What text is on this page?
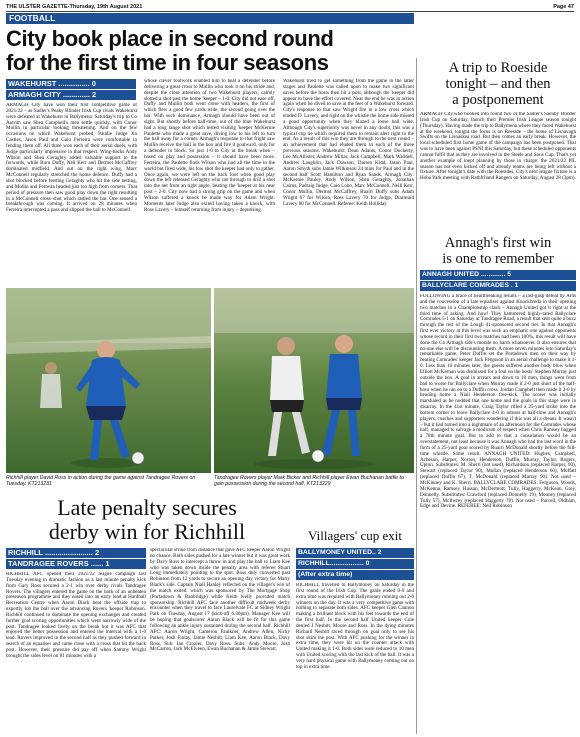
THE ULSTER GAZETTE-Thursday, 19th August 2021	Page 47
FOOTBALL
City book place in second round
for the first time in four seasons
WAKEHURST ............... 0
ARMAGH CITY ............. 2

ARMAGH City have won their first competitive game of 2021/22 – as Sadler's Peaky Blinder Irish Cup rivals Wakehurst were defeated at Wakehurst in Ballymena. Saturday's trip to Co Antrim saw Shea Campbell's men settle quickly, with Conor Mullin in particular looking threatening. And on the few occasions on which Wakehurst probed, Paudie Judge Jin Castles, Jason Paul and Gaio Ferreira were comfortable in fending them off. All three won each of their aerial duels, with Judge particularly impressive in that respect. Wing-backs Andy Wilson and Shea Geraghty added valuable support to the forwards, while Ruru Duffy, Neil Kerr and Dermot McCaffrey dominated midfield. And out on the right wing, Marc McConnell regularly stretched the home defence. Duffy had a shot blocked before feeding Geraghty who hit the side netting, and Mullin and Ferreira headed just too high from corners. That period of pressure then saw good play down the right resulting in a McConnell cross–shot which rattled the bar. One sensed a breakthrough was coming. It arrived on 28 minutes when Ferreira intercepted a pass and slipped the ball to McConnell

whose clever footwork enabled him to beat a defender before delivering a great cross to Mullin who took it on his stride and, despite the close attention of two Wakehurst players, calmly slotted a shot past the home 'keeper – 1-0. City did not ease off, Duffy and Mullin both went close with headers, the first of which flew a good few yards wide, the second going over the bar. With such dominance, Armagh should have been out of sight. But shortly before half-time, out of the blue Wakehurst had a long range shot which tested visiting 'keeper McKernie Paulette who made a great save, diving low to his left to turn the ball away for a corner. Armagh's response to that fright saw Mullin receive the ball in the box and fire it goalward, only for a defender to block. So just 1-0 to City at the break when – based on play and possession – it should have been more. Ferreira, the Paulette finds Wilson who had all the time in the world but fired wide, his low shot the keeper had only to gather. Once again, we were left on the back foot when good play down the left released Geraghty who ran through to drill a shot into the net from an tight angle, beating the 'keeper at his near post – 2-0. City now had a strong grip on the game and when Wilson suffered a knock he made way for Adam Wright. Moments later Judge also exited having taken a knock, with Ross Lavery – himself returning from injury – deputising.

Wakehurst tried to get something from the game in the latter stages and Paulette was called upon to make two significant saves before the hosts then hit a post, although the 'keeper did appear to have the effort covered. Near the end he was in action again when he dived to save at the feet of a Wakehurst forward. City's response to that saw Wright fire in a low cross which eluded D. Lavery, and right on the whistle the home side missed a good opportunity when they blazed a loose ball wide. Although City's superiority was never in any doubt, this was a typical cup tie which required them to remain alert right to the end. As a result of this win they are through to the next round – an achievement that had eluded them in each of the three previous seasons. Wakehurst: Dean Adams, Conor Dockerty, Lee McAllister, Andrew Millar, Jack Campbell, Mark Waddell, Andrew Laughlin, Jack Dawson, Darren Kidd, Jason Paul, Aaron Smyth subs Jamie Wilkinson 24 mins for Paul and in the second half Scott Hamilton and Ryan Sands. Armagh City: McKernie Pauley, Andy Wilson, Shea Geraghty, Jonathan Cairns, Padraig Judge, Caio Lobo, Marc McConnell, Neill Kerr, Conor Mullin, Dermot McCaffrey, Ruairi Duffy subs Adam Wright 67 for Wilson, Ross Lavery 70 for Judge, Diarmuid Lavery 80 for McConnell. Referee: Keith Holliday

Richhill player David Ross in action during the game against Tandragee Rovers on Tuesday. KT213231
Tandragee Rovers player Mark Bicker and Richhill player Ewan Buchanan battle to gain possession during the second half. KT213229
A trip to Roeside
tonight – and then
a postponement

ARMAGH City,who booked into round two of the Sadler's Saeuby Blinder Irish Cup on Saturday, launch their Premier Irish League season tonight (Thursday). Having made the trip to Ballymena where they faced Wakehurst at the weekend, tonight the focus is on Roeside – the home of Lisnavagh Swifts on the Lisnaskea road. But then comes an early break. However, the local scheduled first home game of the campaign has been postponed. That was to have been against PSNI this Saturday, but these scheduled opponents cannot fulfil that as they are involved in the Steele and Sons Cup. That's yet another example of inept planning by those in charge: the 2021/22 PIL season has not even kicked off and already teams are being left without a fixture. After tonight's date with the Roesides, City's next league fixture is a Hoba Park meeting with Rathfriland Rangers on Saturday, August 28 (3pm).

Annagh's first win
is one to remember
ANNAGH UNITED ............. 5
BALLYCLARE COMRADES . 1

FOLLOWING a brace of heartbreaking results – a last-gasp defeat by Ards and the concession of a late equaliser against Knockbreda in their opening two matches in a Championship clash – Annagh United got it right at the third time of asking. And how! They hammered highly-rated Ballyclare Comrades 5-1 on Saturday at Tandragee Road, a result that sent quite a buzz through the rest of the Lough 41-sponsored second tier. In that Annagh's first ever victory at this level was such an emphatic one against opponents whose record in their first two matches had been 100%, this result will have done the Co Armagh side's morale no harm whatsoever. It also ensures that no-one else will be discounting them. A more seven minutes into Saturday's remarkable game, Peter Duffin set the Portadown men on their way by beating Comrades' keeper Jack Ferguson in an aerial challenge to make it 1-0. Less than 10 minutes later, the guests suffered another body blow when Elliott McKernan was dismissed for a foul on the hosts' Stephen Murray just outside the box. A goal in arrears and down to 10 men, things went from bad to worse for Ballyclare when Murray made it 2-0 just short of the half-hour when he ran on to a Duffin cross. Jordan Campbell then made it 3-0 by heading home a Niall Henderson free-kick. The scorer was initially marshaled as he nodded that one home and the goals in this stage were in disarray. In the 41st minute, Craig Taylor rifled a 25-yard strike into the bottom corner to leave Ballyclare 4-0 in arrears at half-time and Annagh's players, coaches and supporters wondering if this was all a dream. It wasn't – but it had turned into a nightmare of an afternoon for the Comrades whose half, managed to salvage a modicum of respect when Chris Ramsey bagged a 78th minute goal. But to add to that a consolation would be an overstatement, not least because it was Annagh who had the last word in the form of a 25-yard goal scored by Ruairi McDonald shortly before the full-time whistle. Some result. ANNAGH UNITED: Hughes, Campbell, Acheson, Harper, Norton, Henderson, Duffin, Murray, Taylor, Rogers, Upton. Substitutes: M. Sherri (not used), Richardson (replaced Harper, 90), Stewart (replaced Taylor 90), Mullan (replaced Henderson 60), Moffatt (replaced Duffin 67), T. McDonald (replaced Murray 90). Not used – McKinney and K. Sherri. BALLYCLARE COMRADES: Ferguson, Woods, McKenna, Ramsey, Hassan, McDermott, Tully, Haggerty, McKean, Grey, Donnelly. Substitutes: Crawford (replaced Donnelly 19), Mooney (replaced Tully 57), McIlwrey (replaced Haggerty 78). Not used – Purcell, Oldham, Edge and Devine. REFEREE: Neil Robinson

Late penalty secures
derby win for Richhill
RICHHILL ....................... 2
TANDRAGEE ROVERS ...... 1

RICHHILL AFC opened their 2021/22 league campaign last Tuesday evening in dramatic fashion as a last minute penalty kick from Gary Ross secured a 2-1 win over derby rivals Tandragee Rovers. The villagers entered the game on the back of an unbeaten preseason programme and they eased into an early lead at Hardhall Recreation Centre when Aaron Black beat the offside trap to expertly lob the ball over the advancing Rovers 'keeper Robinson. Richhill continued to dominate the opening exchanges and created further goal scoring opportunities which went narrowly wide of the post. Tandragee looked lively on the break but it was AFC that enjoyed the better possession and entered the interval with a 1-0 lead. Rovers improved in the second half as they pushed forward in search of an equaliser and came close with a cross that hit the back post. However, their pressure did pay off when Sammy Wright brought the sides level on 81 minutes with a

spectacular strike from distance that gave AFC keeper Aaron Wright no chance. Both sides pushed for a late winner but it was great work by Davy Ross to intercept a throw in and play the ball to Liam Kee who was taken down inside the penalty area with referee Stuart Long immediately pointing to the spot. Ross duly converted past Robinson from 12 yards to secure an opening day victory for Marty Black's side. Captain Niall Hanley reflected on the villager's win of the match exited: which was sponsored by The Mortgage Shop (Portadown & Banbridge) while Keith Kelly provided match sponsorship. Richhill AFC face another difficult midweek derby encounter when they travel to face Laurelvale FC at Sidney Wright Park on Tuesday, August 17 (kick-off 6.30pm). Manager Kee will be hoping that goalscorer Aaron Black will be fit for this game following an ankle injury sustained during the second half. Richhill AFC: Aaron Wright, Cameron Faulkner, Andrew Allen, Nicky Parker, Josh Finlay, Jamie Nesbitt, Liam Kee, Aaron Black, Davy Ross, Sub: Ian Crozier, Davy Ross. Subs: Andy Moore, Josh McCarron, Jack McElveen, Ewan Buchanan & Jamie Stewart.

Villagers' cup exit
BALLYMONEY UNITED.. 2
RICHHILL.................. 0
(After extra time)

RICHHILL travelled to Ballymoney on Saturday in the first round of the Irish Cup. The game ended 0-0 and extra time was required with Ballymoney running out 2-0 winners on the day. It was a very competitive game with nothing to separate both sides. AFC keeper Glen Cannon making a brilliant block with his feet towards the end of the first half. In the second half United keeper Cole denied J Nesbitt, Moore and Ross. In the dying minutes Richard Nesbitt raced through on goal only to see his shot skim the post. With AFC pushing for the winner in extra time, they were hit on the counter attack with United making it 1-0. Both sides were reduced to 10 men with United scoring with the last kick of the ball. It was a very hard physical game with Ballymoney coming out on top in extra time.
